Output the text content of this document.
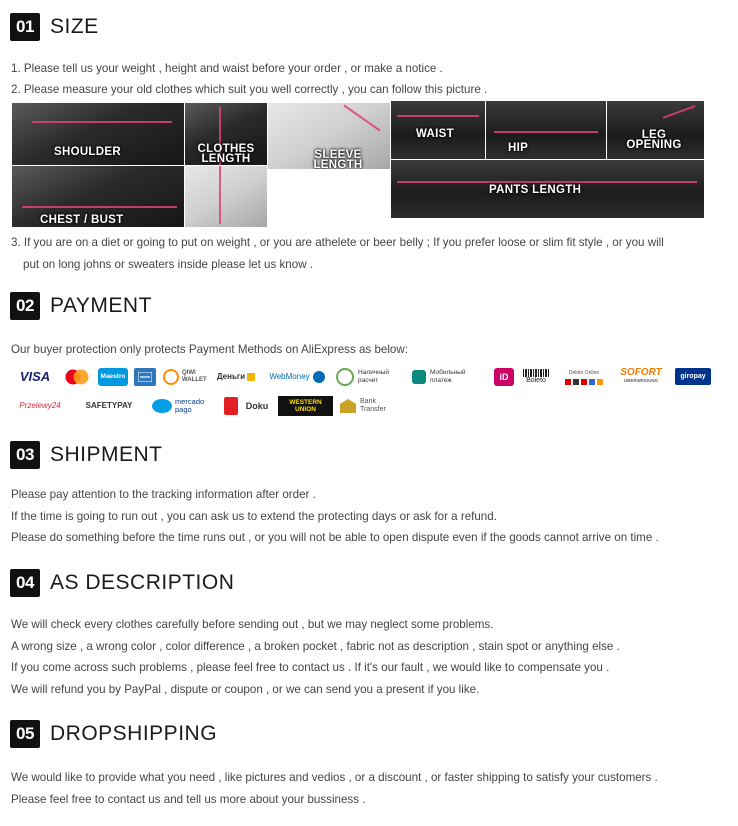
01 SIZE
1. Please tell us your weight , height and waist before your order , or make a notice .
2. Please measure your old clothes which suit you well correctly , you can follow this picture .
SHOULDER
CHEST / BUST
CLOTHES
LENGTH	SLEEVE
LENGTH
WAIST
HIP
LEG
OPENING
PANTS LENGTH
3. If you are on a diet or going to put on weight , or you are athelete or beer belly ; If you prefer loose or slim fit style , or you will
put on long johns or sweaters inside please let us know .
02 PAYMENT
Our buyer protection only protects Payment Methods on AliExpress as below:
VISA	Maestro	QIWI
WALLET Деньги	WebMoney	Наличный
расчет
Мобильный
платеж	iD	Boleto
Débito Online SOFORT
ÜBERWEISUNG
giropay
Przelewy24	SAFETYPAY	mercado
pago	Doku	WESTERN
UNION
Bank
Transfer
03 SHIPMENT
Please pay attention to the tracking information after order .
If the time is going to run out , you can ask us to extend the protecting days or ask for a refund.
Please do something before the time runs out , or you will not be able to open dispute even if the goods cannot arrive on time .
04 AS DESCRIPTION
We will check every clothes carefully before sending out , but we may neglect some problems.
A wrong size , a wrong color , color difference , a broken pocket , fabric not as description , stain spot or anything else .
If you come across such problems , please feel free to contact us . If it's our fault , we would like to compensate you .
We will refund you by PayPal , dispute or coupon , or we can send you a present if you like.
05 DROPSHIPPING
We would like to provide what you need , like pictures and vedios , or a discount , or faster shipping to satisfy your customers .
Please feel free to contact us and tell us more about your bussiness .
